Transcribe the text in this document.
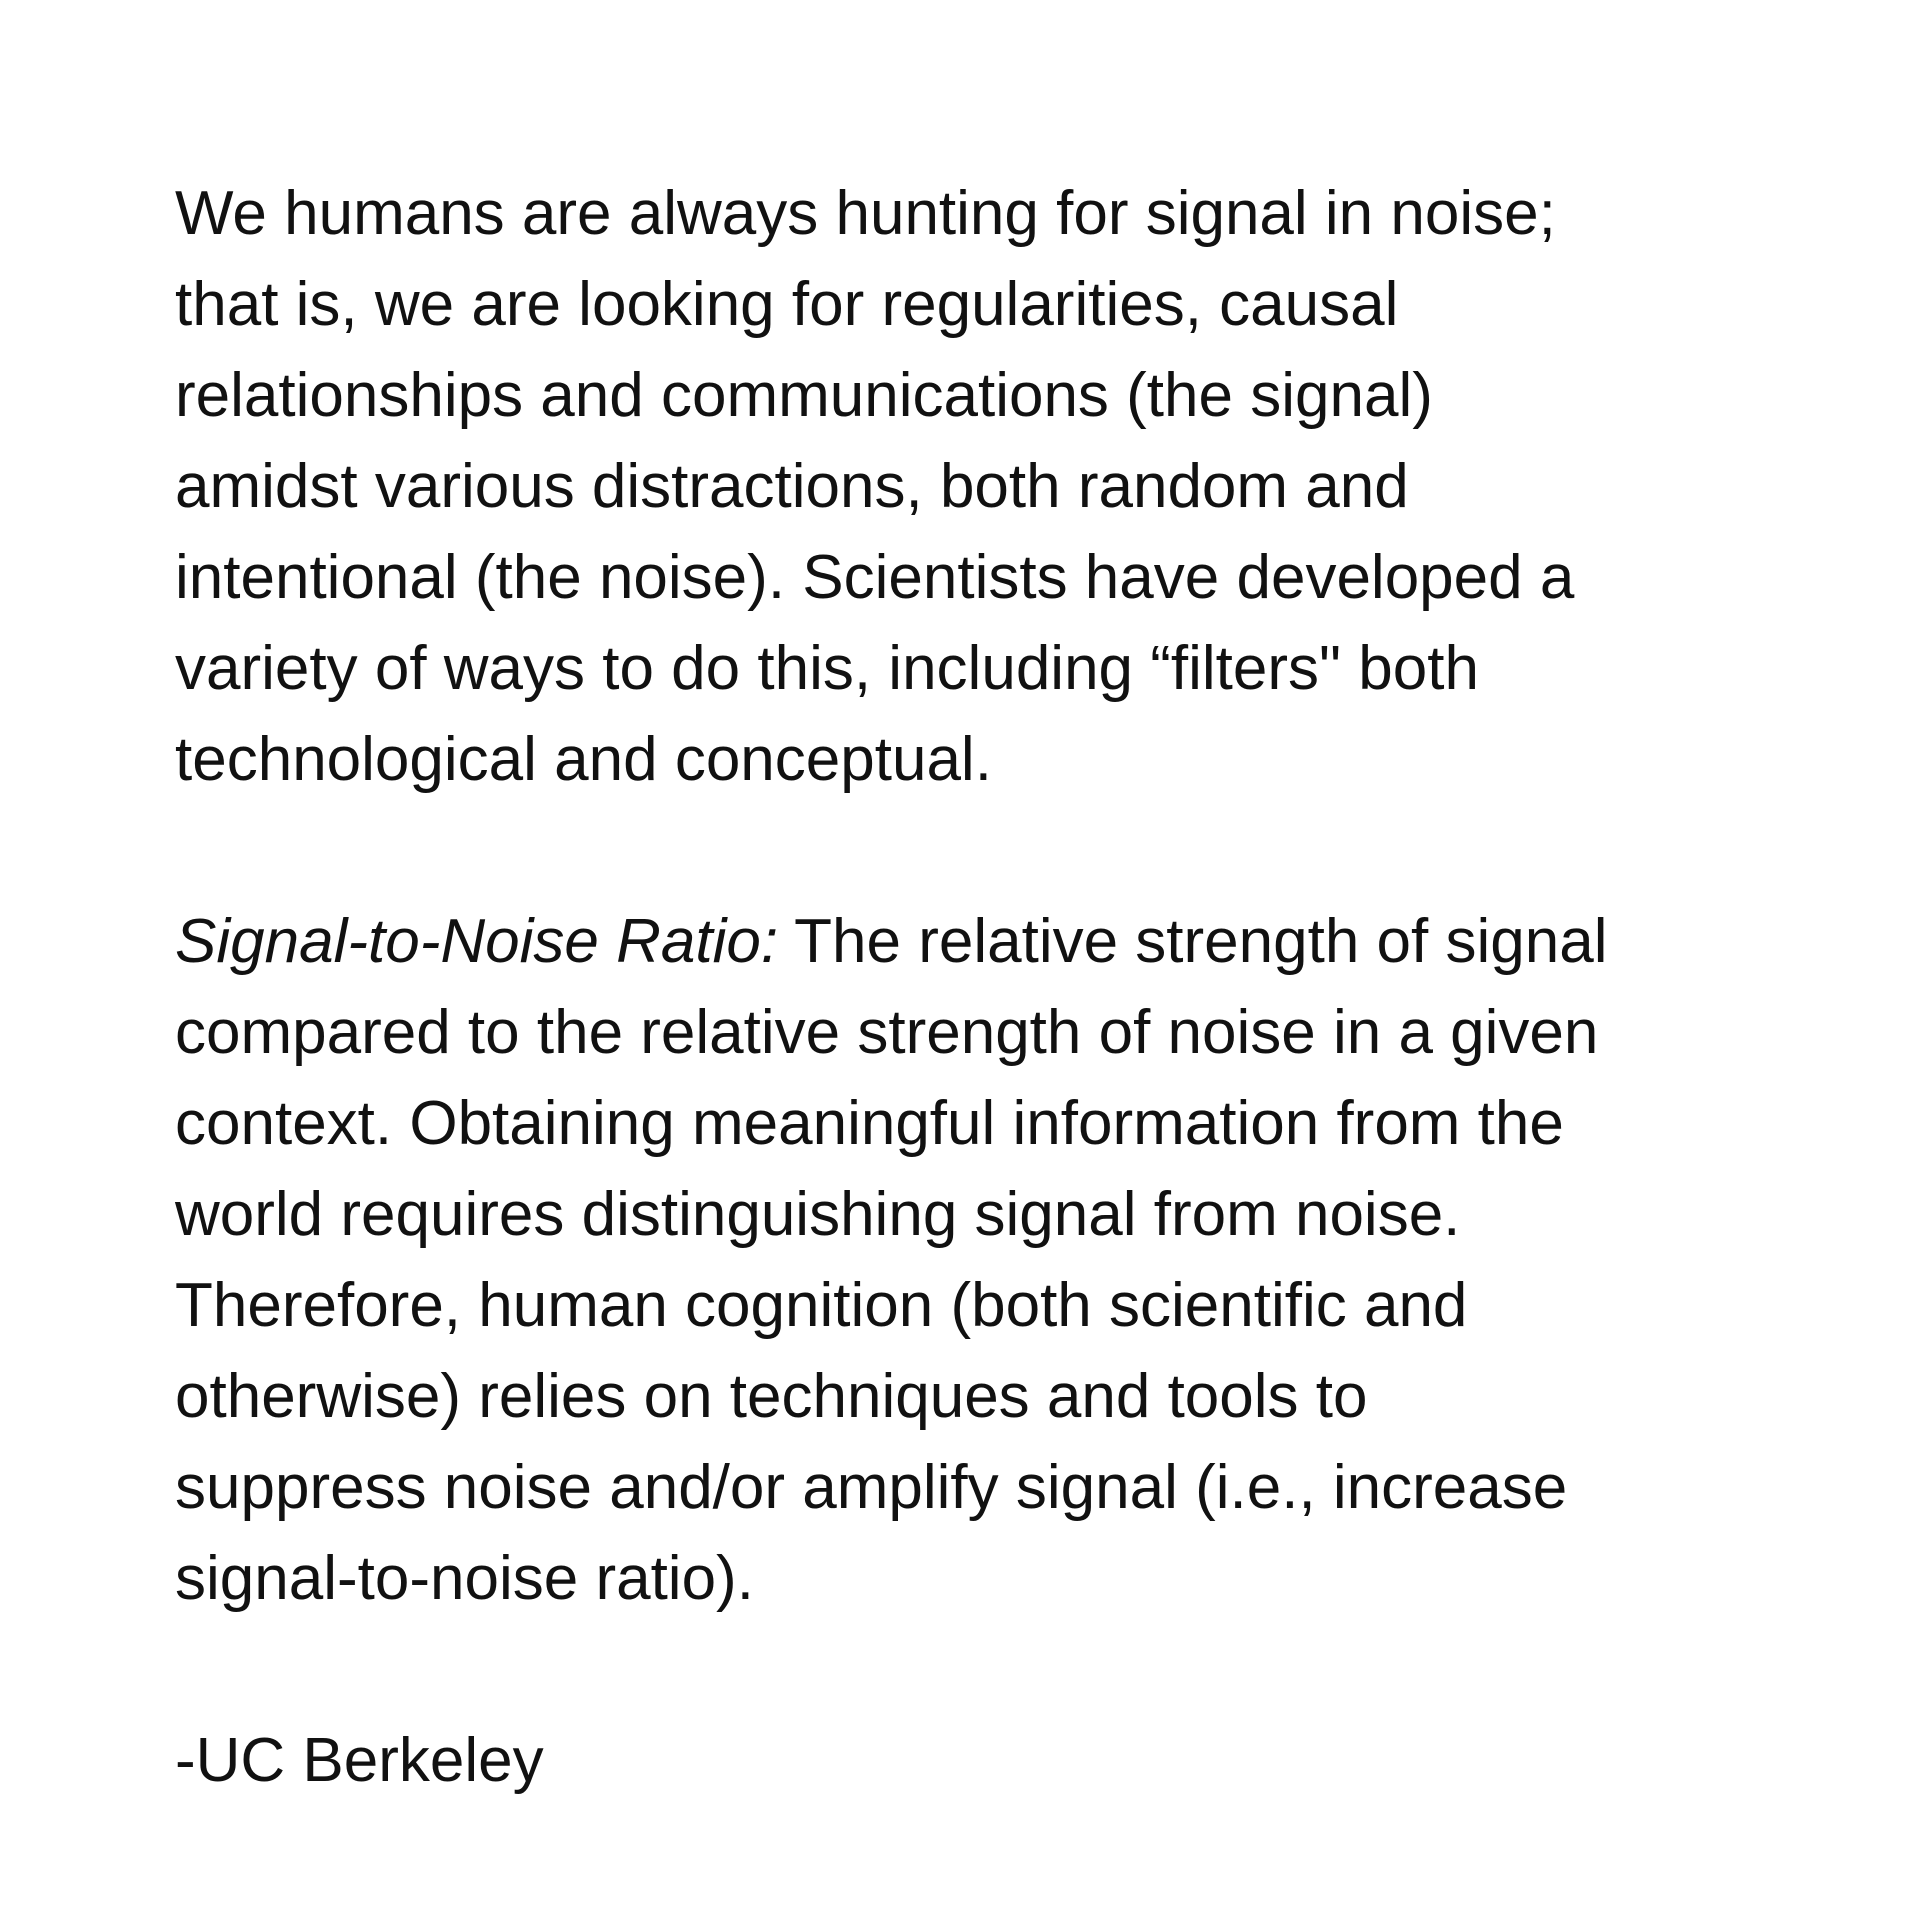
We humans are always hunting for signal in noise;
that is, we are looking for regularities, causal
relationships and communications (the signal)
amidst various distractions, both random and
intentional (the noise). Scientists have developed a
variety of ways to do this, including “filters" both
technological and conceptual.

Signal-to-Noise Ratio: The relative strength of signal
compared to the relative strength of noise in a given
context. Obtaining meaningful information from the
world requires distinguishing signal from noise.
Therefore, human cognition (both scientific and
otherwise) relies on techniques and tools to
suppress noise and/or amplify signal (i.e., increase
signal-to-noise ratio).

-UC Berkeley
